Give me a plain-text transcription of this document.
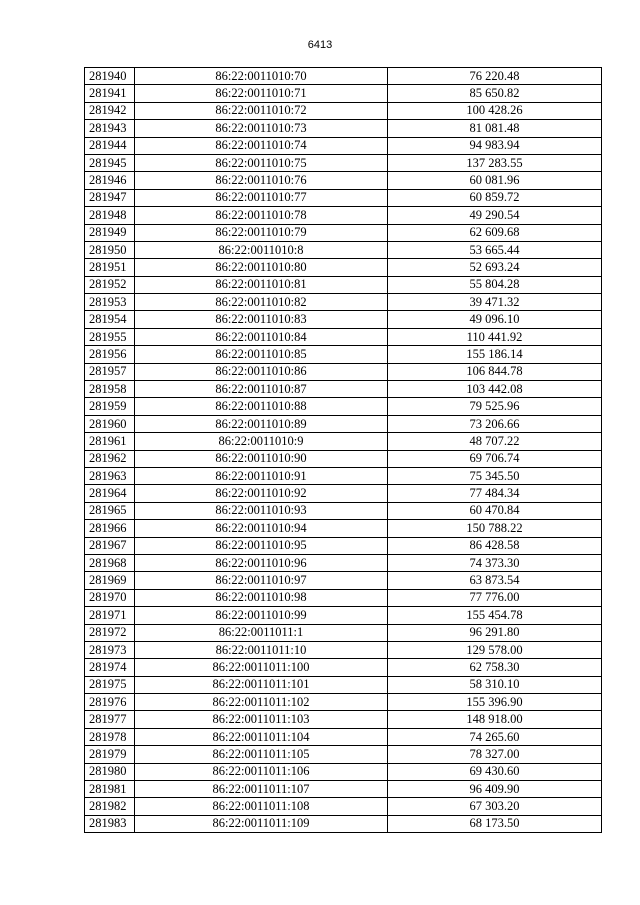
6413
281940	86:22:0011010:70	76 220.48
281941	86:22:0011010:71	85 650.82
281942	86:22:0011010:72	100 428.26
281943	86:22:0011010:73	81 081.48
281944	86:22:0011010:74	94 983.94
281945	86:22:0011010:75	137 283.55
281946	86:22:0011010:76	60 081.96
281947	86:22:0011010:77	60 859.72
281948	86:22:0011010:78	49 290.54
281949	86:22:0011010:79	62 609.68
281950	86:22:0011010:8	53 665.44
281951	86:22:0011010:80	52 693.24
281952	86:22:0011010:81	55 804.28
281953	86:22:0011010:82	39 471.32
281954	86:22:0011010:83	49 096.10
281955	86:22:0011010:84	110 441.92
281956	86:22:0011010:85	155 186.14
281957	86:22:0011010:86	106 844.78
281958	86:22:0011010:87	103 442.08
281959	86:22:0011010:88	79 525.96
281960	86:22:0011010:89	73 206.66
281961	86:22:0011010:9	48 707.22
281962	86:22:0011010:90	69 706.74
281963	86:22:0011010:91	75 345.50
281964	86:22:0011010:92	77 484.34
281965	86:22:0011010:93	60 470.84
281966	86:22:0011010:94	150 788.22
281967	86:22:0011010:95	86 428.58
281968	86:22:0011010:96	74 373.30
281969	86:22:0011010:97	63 873.54
281970	86:22:0011010:98	77 776.00
281971	86:22:0011010:99	155 454.78
281972	86:22:0011011:1	96 291.80
281973	86:22:0011011:10	129 578.00
281974	86:22:0011011:100	62 758.30
281975	86:22:0011011:101	58 310.10
281976	86:22:0011011:102	155 396.90
281977	86:22:0011011:103	148 918.00
281978	86:22:0011011:104	74 265.60
281979	86:22:0011011:105	78 327.00
281980	86:22:0011011:106	69 430.60
281981	86:22:0011011:107	96 409.90
281982	86:22:0011011:108	67 303.20
281983	86:22:0011011:109	68 173.50
